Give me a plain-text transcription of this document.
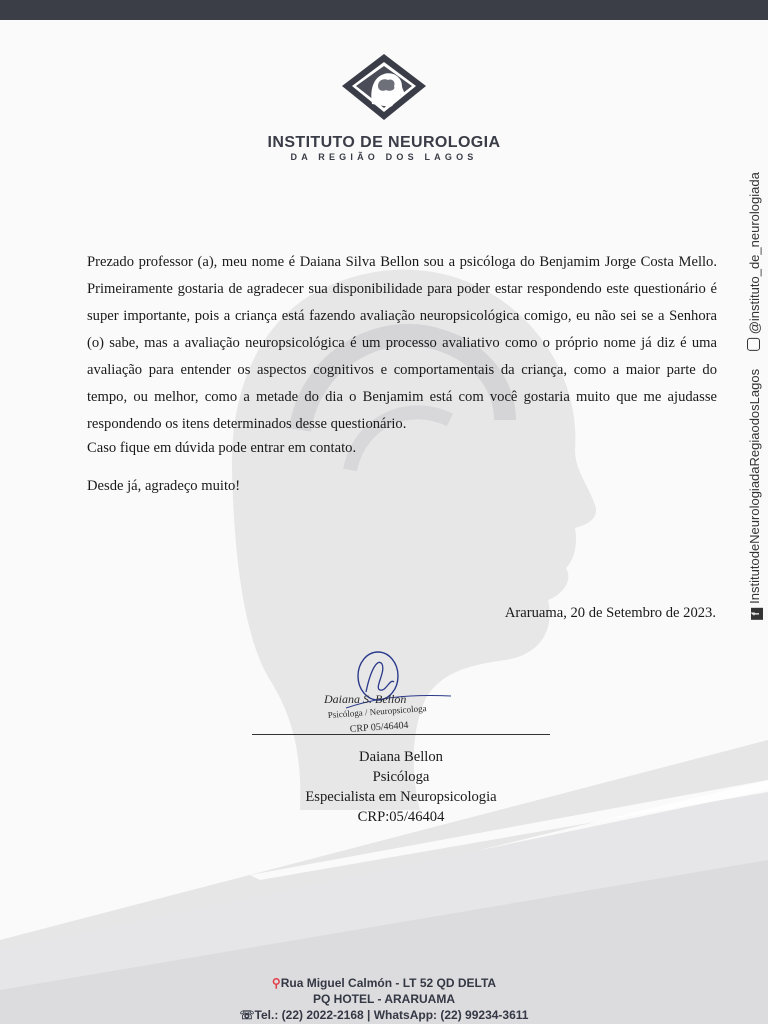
INSTITUTO DE NEUROLOGIA
DA REGIÃO DOS LAGOS

Prezado professor (a), meu nome é Daiana Silva Bellon sou a psicóloga do Benjamim Jorge Costa Mello. Primeiramente gostaria de agradecer sua disponibilidade para poder estar respondendo este questionário é super importante, pois a criança está fazendo avaliação neuropsicológica comigo, eu não sei se a Senhora (o) sabe, mas a avaliação neuropsicológica é um processo avaliativo como o próprio nome já diz é uma avaliação para entender os aspectos cognitivos e comportamentais da criança, como a maior parte do tempo, ou melhor, como a metade do dia o Benjamim está com você gostaria muito que me ajudasse respondendo os itens determinados desse questionário.

Caso fique em dúvida pode entrar em contato.
Desde já, agradeço muito!
Araruama, 20 de Setembro de 2023.
Daiana S. Bellon
Psicóloga / Neuropsicologa
CRP 05/46404
Daiana Bellon
Psicóloga
Especialista em Neuropsicologia
CRP:05/46404
fInstitutodeNeurologiadaRegiaodosLagos @instituto_de_neurologiada
⚲Rua Miguel Calmón - LT 52 QD DELTA
PQ HOTEL - ARARUAMA
☏Tel.: (22) 2022-2168 | WhatsApp: (22) 99234-3611
